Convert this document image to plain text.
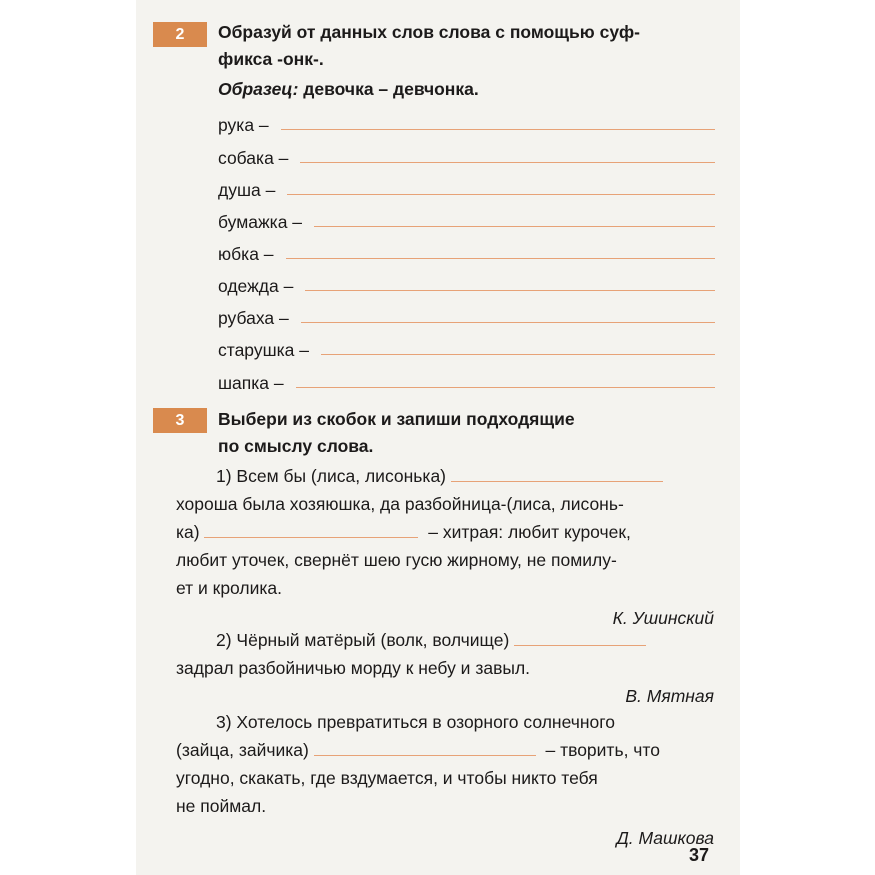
2 Образуй от данных слов слова с помощью суф-
фикса -онк-.
Образец: девочка – девчонка.
рука –
собака –
душа –
бумажка –
юбка –
одежда –
рубаха –
старушка –
шапка –
3 Выбери из скобок и запиши подходящие
по смыслу слова.
1) Всем бы (лиса, лисонька)
хороша была хозяюшка, да разбойница-(лиса, лисонь-
ка)	– хитрая: любит курочек,
любит уточек, свернёт шею гусю жирному, не помилу-
ет и кролика.
К. Ушинский
2) Чёрный матёрый (волк, волчище)
задрал разбойничью морду к небу и завыл.
В. Мятная
3) Хотелось превратиться в озорного солнечного
(зайца, зайчика)	– творить, что
угодно, скакать, где вздумается, и чтобы никто тебя
не поймал.
Д. Машкова
37
